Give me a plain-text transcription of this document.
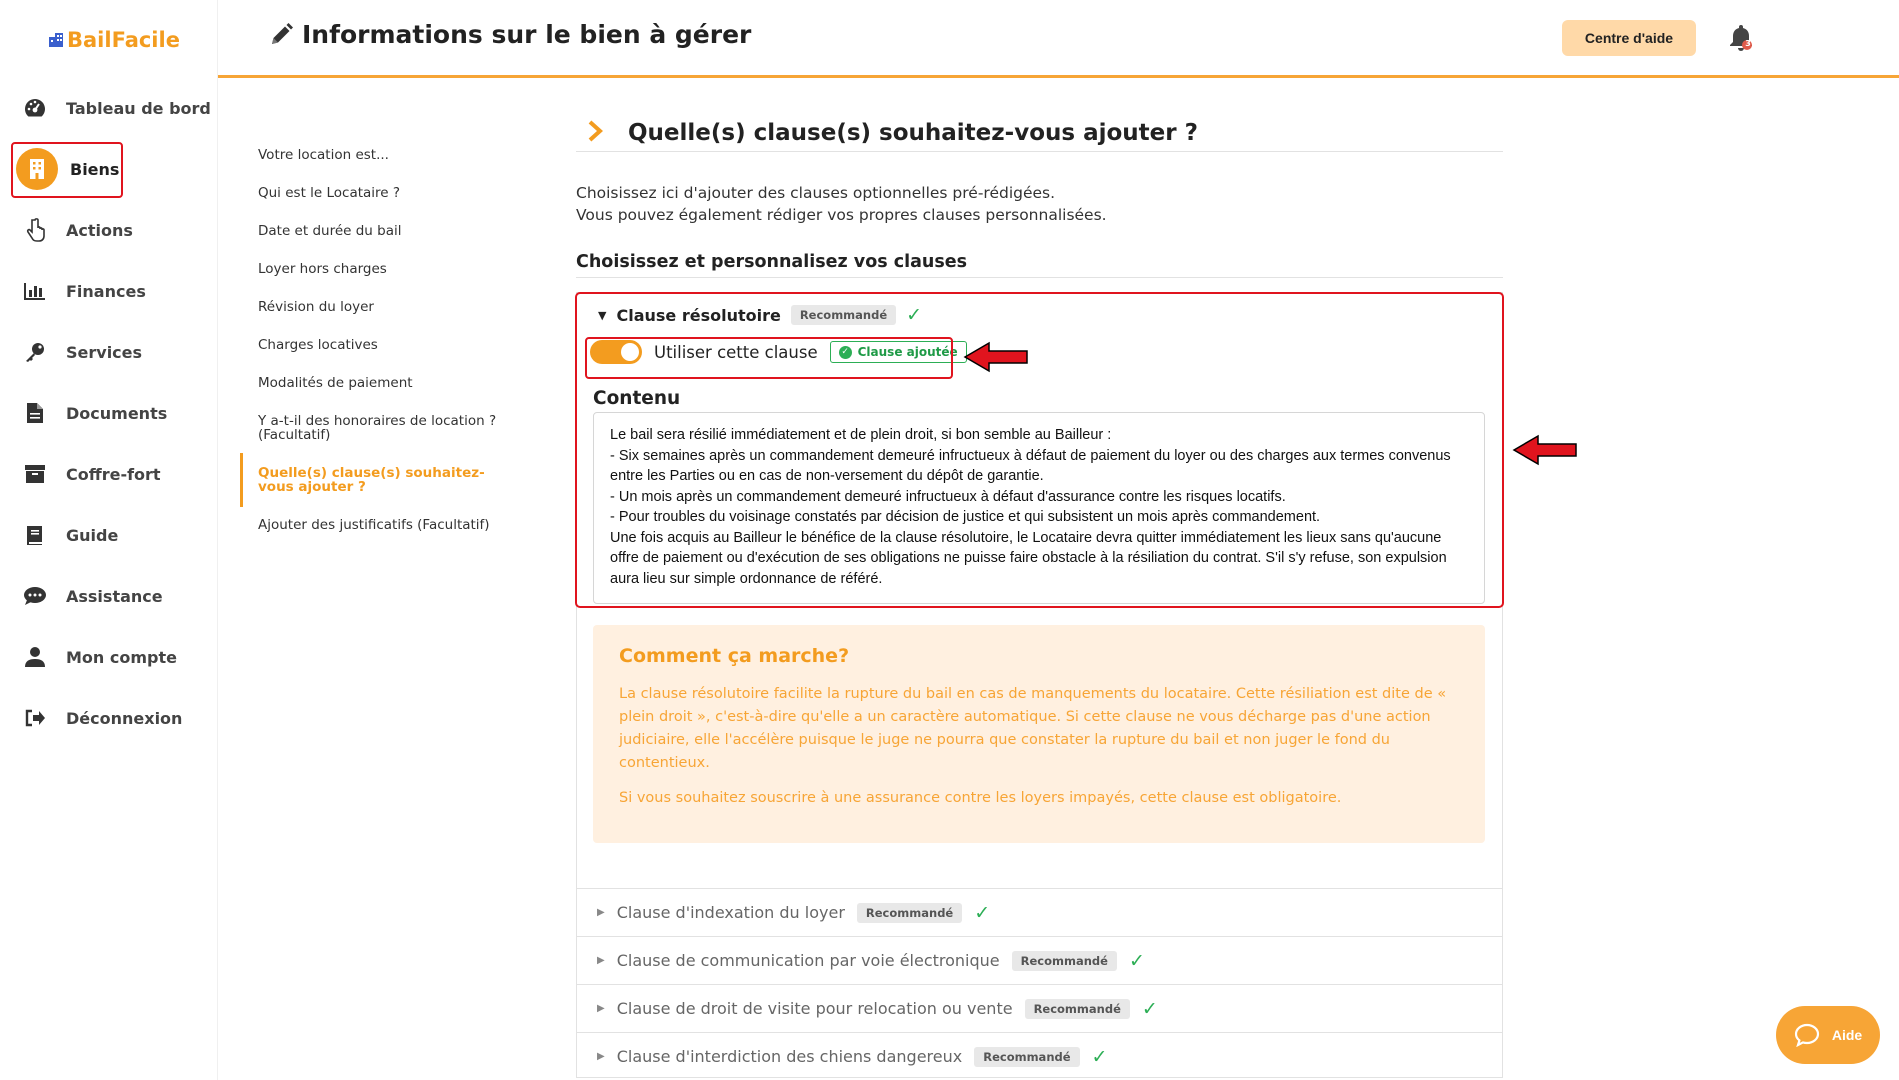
BailFacile
Tableau de bord
Biens
Actions
Finances
Services
Documents
Coffre-fort
Guide
Assistance
Mon compte
Déconnexion
Informations sur le bien à gérer	Centre d'aide	3
Votre location est...
Qui est le Locataire ?
Date et durée du bail
Loyer hors charges
Révision du loyer
Charges locatives
Modalités de paiement
Y a-t-il des honoraires de location ? (Facultatif)
Quelle(s) clause(s) souhaitez-vous ajouter ?
Ajouter des justificatifs (Facultatif)
Quelle(s) clause(s) souhaitez-vous ajouter ?
Choisissez ici d'ajouter des clauses optionnelles pré-rédigées.
Vous pouvez également rédiger vos propres clauses personnalisées.
Choisissez et personnalisez vos clauses
▼ Clause résolutoire	Recommandé	✓
Utiliser cette clause	✓ Clause ajoutée
Contenu
Le bail sera résilié immédiatement et de plein droit, si bon semble au Bailleur :
- Six semaines après un commandement demeuré infructueux à défaut de paiement du loyer ou des charges aux termes convenus entre les Parties ou en cas de non-versement du dépôt de garantie.
- Un mois après un commandement demeuré infructueux à défaut d'assurance contre les risques locatifs.
- Pour troubles du voisinage constatés par décision de justice et qui subsistent un mois après commandement.
Une fois acquis au Bailleur le bénéfice de la clause résolutoire, le Locataire devra quitter immédiatement les lieux sans qu'aucune offre de paiement ou d'exécution de ses obligations ne puisse faire obstacle à la résiliation du contrat. S'il s'y refuse, son expulsion aura lieu sur simple ordonnance de référé.
Comment ça marche?

La clause résolutoire facilite la rupture du bail en cas de manquements du locataire. Cette résiliation est dite de « plein droit », c'est-à-dire qu'elle a un caractère automatique. Si cette clause ne vous décharge pas d'une action judiciaire, elle l'accélère puisque le juge ne pourra que constater la rupture du bail et non juger le fond du contentieux.

Si vous souhaitez souscrire à une assurance contre les loyers impayés, cette clause est obligatoire.

▶ Clause d'indexation du loyer	Recommandé	✓
▶ Clause de communication par voie électronique	Recommandé	✓
▶ Clause de droit de visite pour relocation ou vente	Recommandé	✓
▶ Clause d'interdiction des chiens dangereux	Recommandé	✓
Aide
